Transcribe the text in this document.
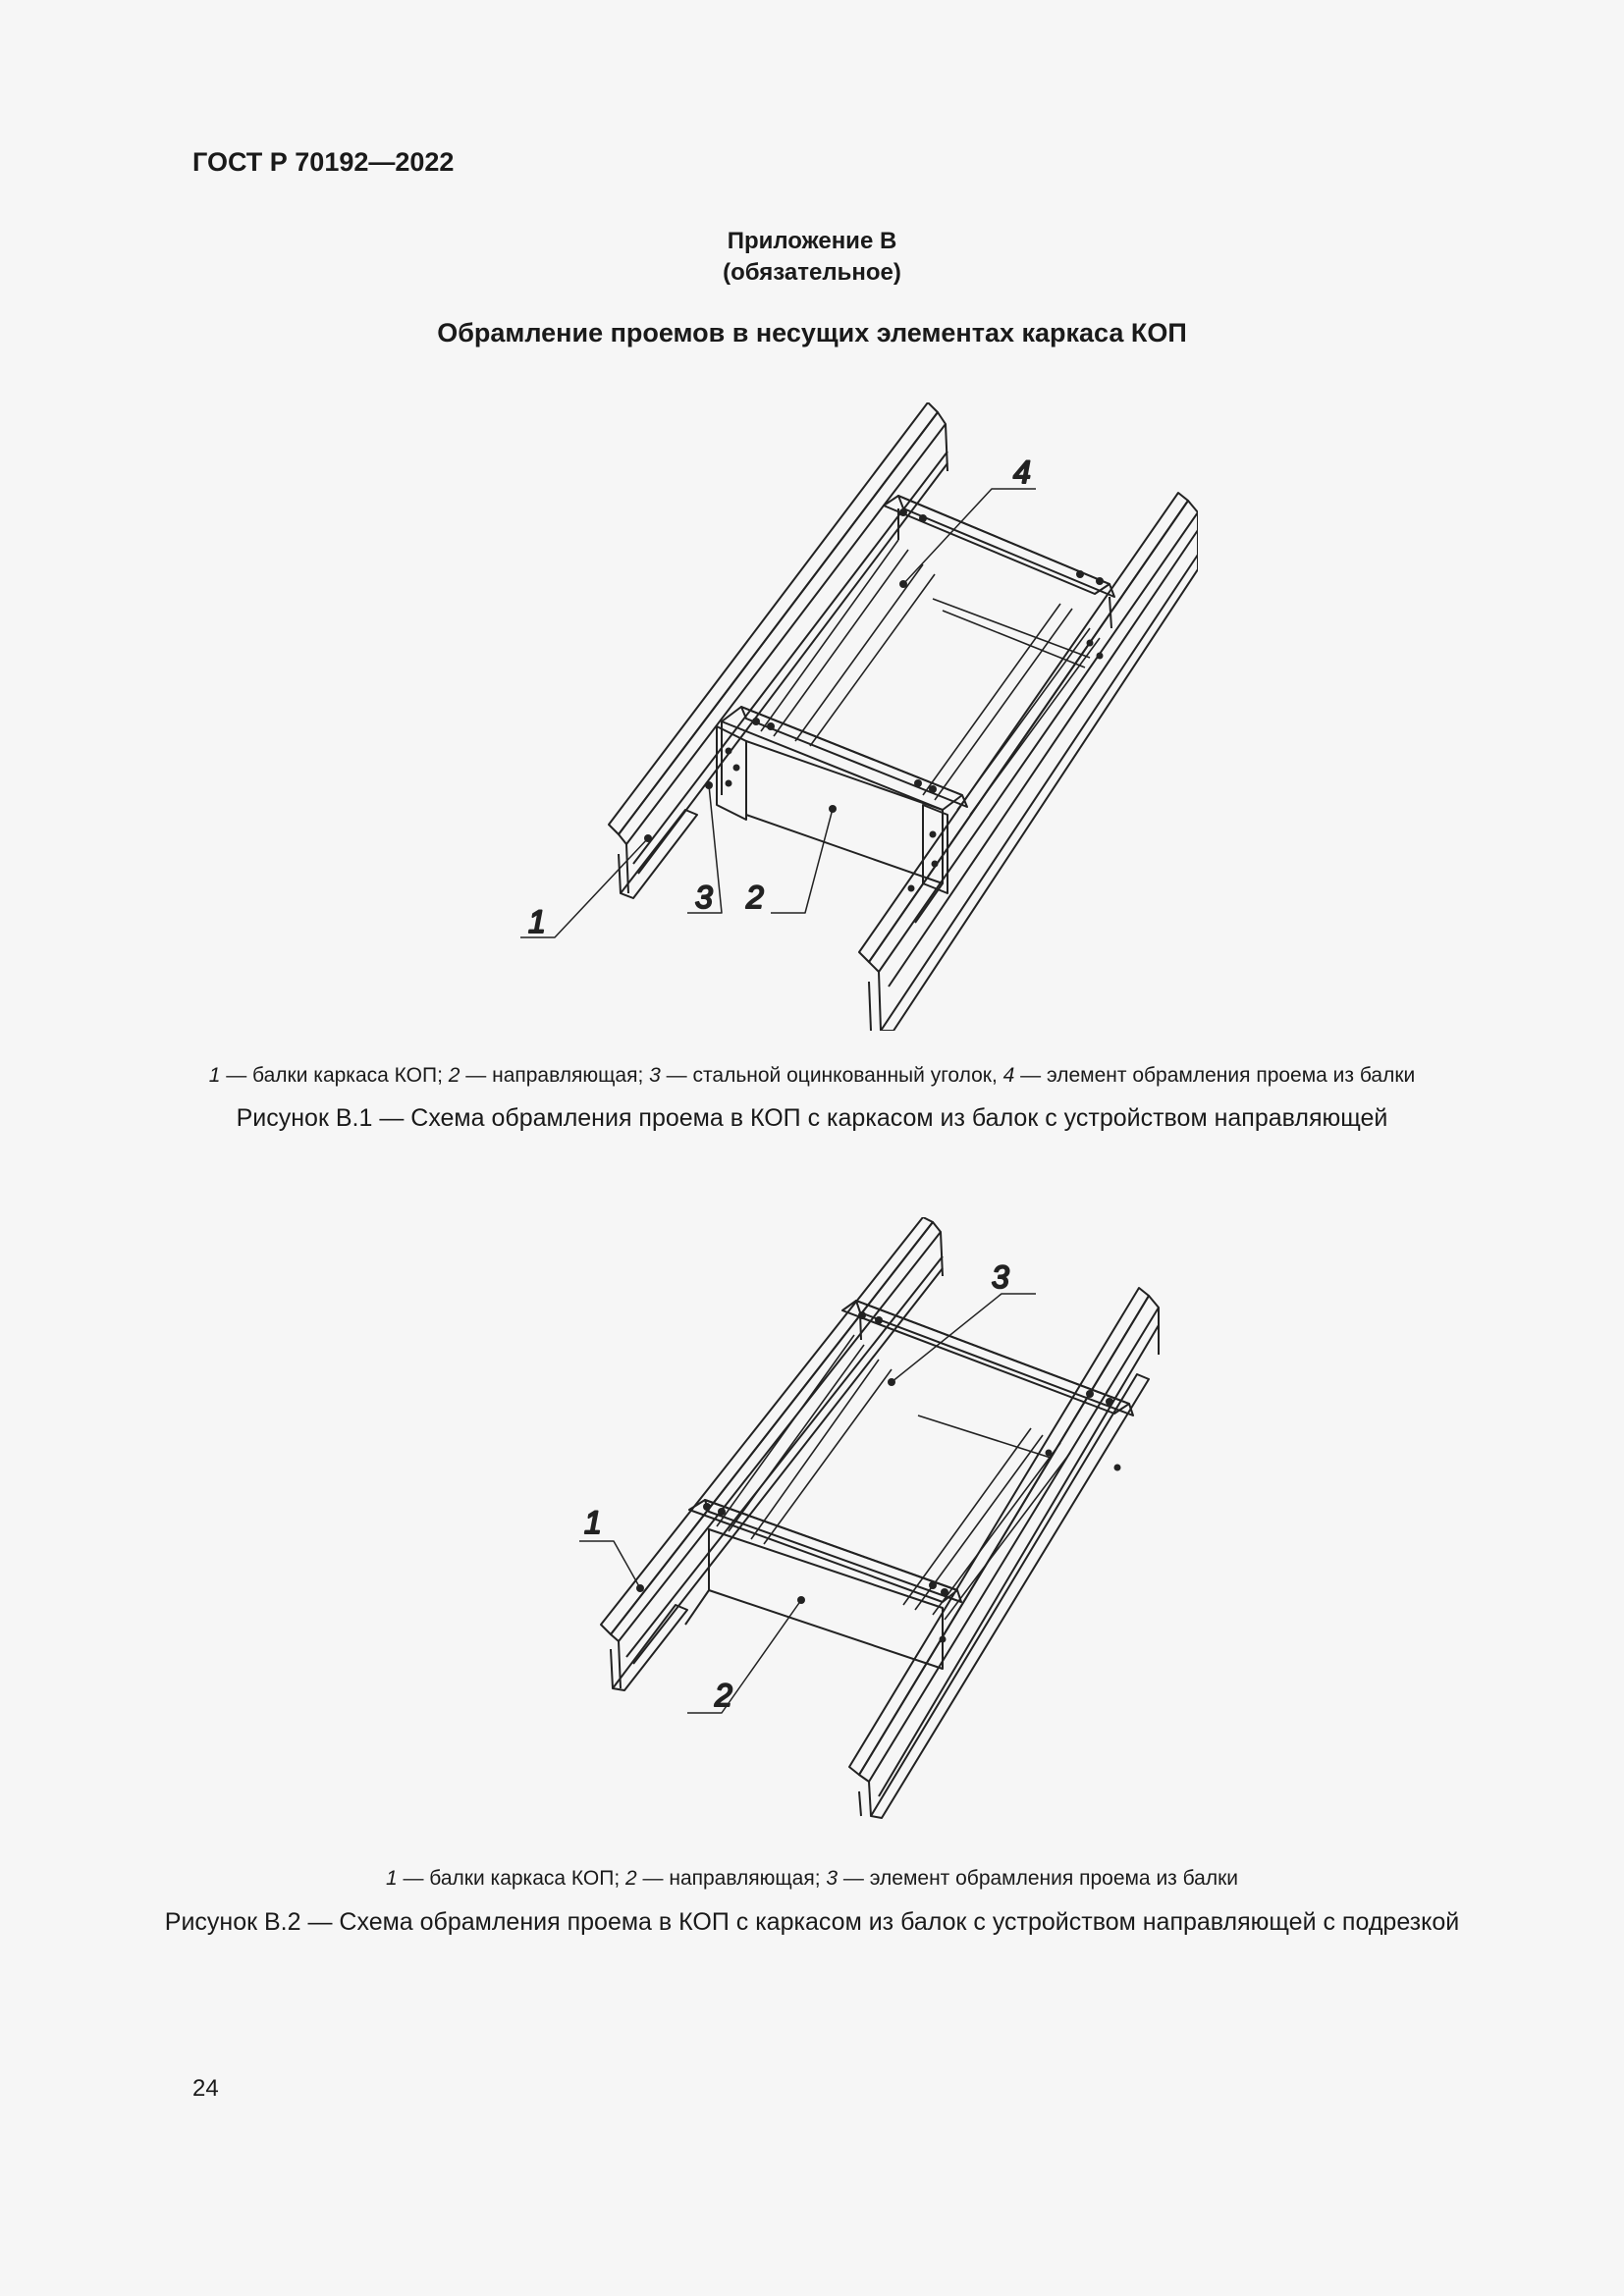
ГОСТ Р 70192—2022
Приложение В
(обязательное)
Обрамление проемов в несущих элементах каркаса КОП
4
1
3 2
1 — балки каркаса КОП; 2 — направляющая; 3 — стальной оцинкованный уголок, 4 — элемент обрамления проема из балки
Рисунок В.1 — Схема обрамления проема в КОП с каркасом из балок с устройством направляющей
3
1
2
1 — балки каркаса КОП; 2 — направляющая; 3 — элемент обрамления проема из балки
Рисунок В.2 — Схема обрамления проема в КОП с каркасом из балок с устройством направляющей с подрезкой
24
